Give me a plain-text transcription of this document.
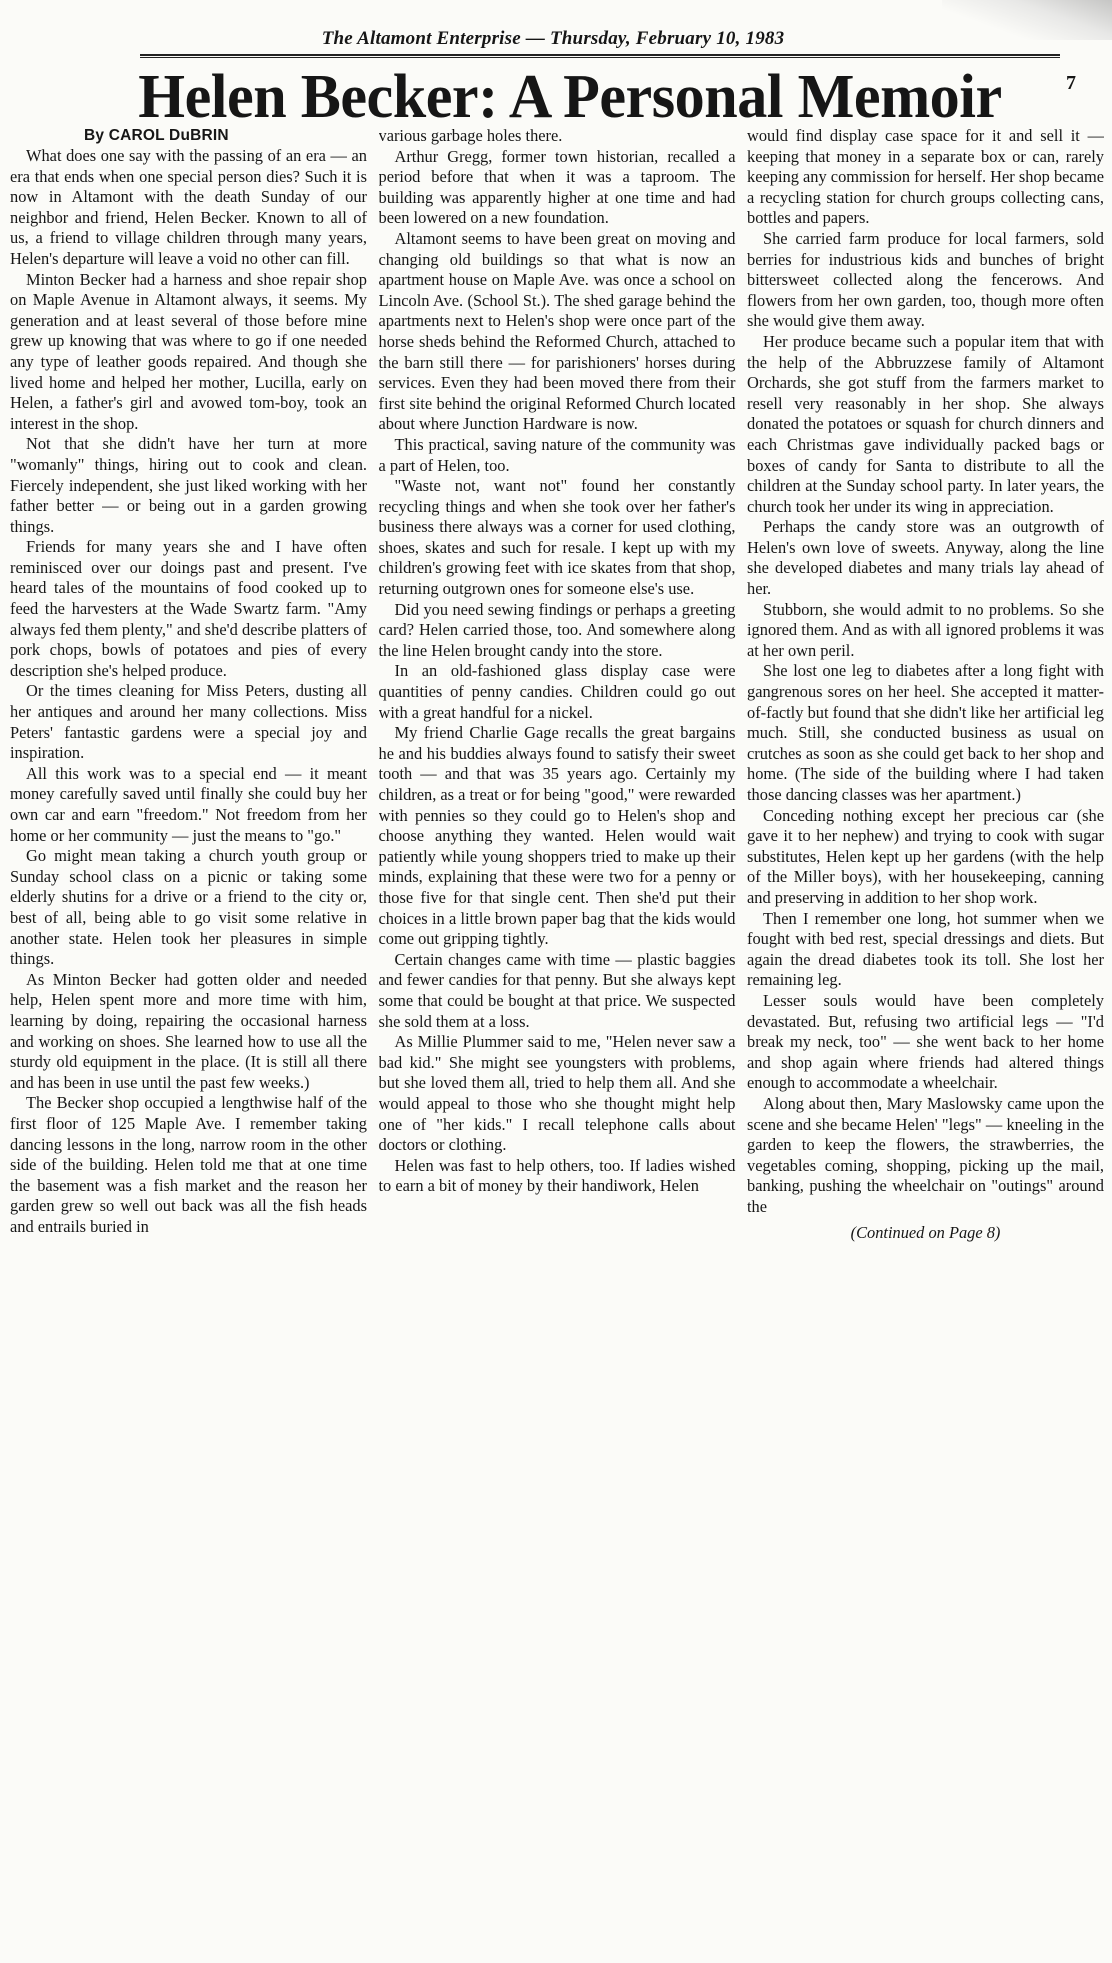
The Altamont Enterprise — Thursday, February 10, 1983
7
Helen Becker: A Personal Memoir
By CAROL DuBRIN

What does one say with the passing of an era — an era that ends when one special person dies? Such it is now in Altamont with the death Sunday of our neighbor and friend, Helen Becker. Known to all of us, a friend to village children through many years, Helen's departure will leave a void no other can fill.

Minton Becker had a harness and shoe repair shop on Maple Avenue in Altamont always, it seems. My generation and at least several of those before mine grew up knowing that was where to go if one needed any type of leather goods repaired. And though she lived home and helped her mother, Lucilla, early on Helen, a father's girl and avowed tom-boy, took an interest in the shop.

Not that she didn't have her turn at more "womanly" things, hiring out to cook and clean. Fiercely independent, she just liked working with her father better — or being out in a garden growing things.

Friends for many years she and I have often reminisced over our doings past and present. I've heard tales of the mountains of food cooked up to feed the harvesters at the Wade Swartz farm. "Amy always fed them plenty," and she'd describe platters of pork chops, bowls of potatoes and pies of every description she's helped produce.

Or the times cleaning for Miss Peters, dusting all her antiques and around her many collections. Miss Peters' fantastic gardens were a special joy and inspiration.

All this work was to a special end — it meant money carefully saved until finally she could buy her own car and earn "freedom." Not freedom from her home or her community — just the means to "go."

Go might mean taking a church youth group or Sunday school class on a picnic or taking some elderly shutins for a drive or a friend to the city or, best of all, being able to go visit some relative in another state. Helen took her pleasures in simple things.

As Minton Becker had gotten older and needed help, Helen spent more and more time with him, learning by doing, repairing the occasional harness and working on shoes. She learned how to use all the sturdy old equipment in the place. (It is still all there and has been in use until the past few weeks.)

The Becker shop occupied a lengthwise half of the first floor of 125 Maple Ave. I remember taking dancing lessons in the long, narrow room in the other side of the building. Helen told me that at one time the basement was a fish market and the reason her garden grew so well out back was all the fish heads and entrails buried in

various garbage holes there.

Arthur Gregg, former town historian, recalled a period before that when it was a taproom. The building was apparently higher at one time and had been lowered on a new foundation.

Altamont seems to have been great on moving and changing old buildings so that what is now an apartment house on Maple Ave. was once a school on Lincoln Ave. (School St.). The shed garage behind the apartments next to Helen's shop were once part of the horse sheds behind the Reformed Church, attached to the barn still there — for parishioners' horses during services. Even they had been moved there from their first site behind the original Reformed Church located about where Junction Hardware is now.

This practical, saving nature of the community was a part of Helen, too.

"Waste not, want not" found her constantly recycling things and when she took over her father's business there always was a corner for used clothing, shoes, skates and such for resale. I kept up with my children's growing feet with ice skates from that shop, returning outgrown ones for someone else's use.

Did you need sewing findings or perhaps a greeting card? Helen carried those, too. And somewhere along the line Helen brought candy into the store.

In an old-fashioned glass display case were quantities of penny candies. Children could go out with a great handful for a nickel.

My friend Charlie Gage recalls the great bargains he and his buddies always found to satisfy their sweet tooth — and that was 35 years ago. Certainly my children, as a treat or for being "good," were rewarded with pennies so they could go to Helen's shop and choose anything they wanted. Helen would wait patiently while young shoppers tried to make up their minds, explaining that these were two for a penny or those five for that single cent. Then she'd put their choices in a little brown paper bag that the kids would come out gripping tightly.

Certain changes came with time — plastic baggies and fewer candies for that penny. But she always kept some that could be bought at that price. We suspected she sold them at a loss.

As Millie Plummer said to me, "Helen never saw a bad kid." She might see youngsters with problems, but she loved them all, tried to help them all. And she would appeal to those who she thought might help one of "her kids." I recall telephone calls about doctors or clothing.

Helen was fast to help others, too. If ladies wished to earn a bit of money by their handiwork, Helen

would find display case space for it and sell it — keeping that money in a separate box or can, rarely keeping any commission for herself. Her shop became a recycling station for church groups collecting cans, bottles and papers.

She carried farm produce for local farmers, sold berries for industrious kids and bunches of bright bittersweet collected along the fencerows. And flowers from her own garden, too, though more often she would give them away.

Her produce became such a popular item that with the help of the Abbruzzese family of Altamont Orchards, she got stuff from the farmers market to resell very reasonably in her shop. She always donated the potatoes or squash for church dinners and each Christmas gave individually packed bags or boxes of candy for Santa to distribute to all the children at the Sunday school party. In later years, the church took her under its wing in appreciation.

Perhaps the candy store was an outgrowth of Helen's own love of sweets. Anyway, along the line she developed diabetes and many trials lay ahead of her.

Stubborn, she would admit to no problems. So she ignored them. And as with all ignored problems it was at her own peril.

She lost one leg to diabetes after a long fight with gangrenous sores on her heel. She accepted it matter-of-factly but found that she didn't like her artificial leg much. Still, she conducted business as usual on crutches as soon as she could get back to her shop and home. (The side of the building where I had taken those dancing classes was her apartment.)

Conceding nothing except her precious car (she gave it to her nephew) and trying to cook with sugar substitutes, Helen kept up her gardens (with the help of the Miller boys), with her housekeeping, canning and preserving in addition to her shop work.

Then I remember one long, hot summer when we fought with bed rest, special dressings and diets. But again the dread diabetes took its toll. She lost her remaining leg.

Lesser souls would have been completely devastated. But, refusing two artificial legs — "I'd break my neck, too" — she went back to her home and shop again where friends had altered things enough to accommodate a wheelchair.

Along about then, Mary Maslowsky came upon the scene and she became Helen' "legs" — kneeling in the garden to keep the flowers, the strawberries, the vegetables coming, shopping, picking up the mail, banking, pushing the wheelchair on "outings" around the

(Continued on Page 8)
